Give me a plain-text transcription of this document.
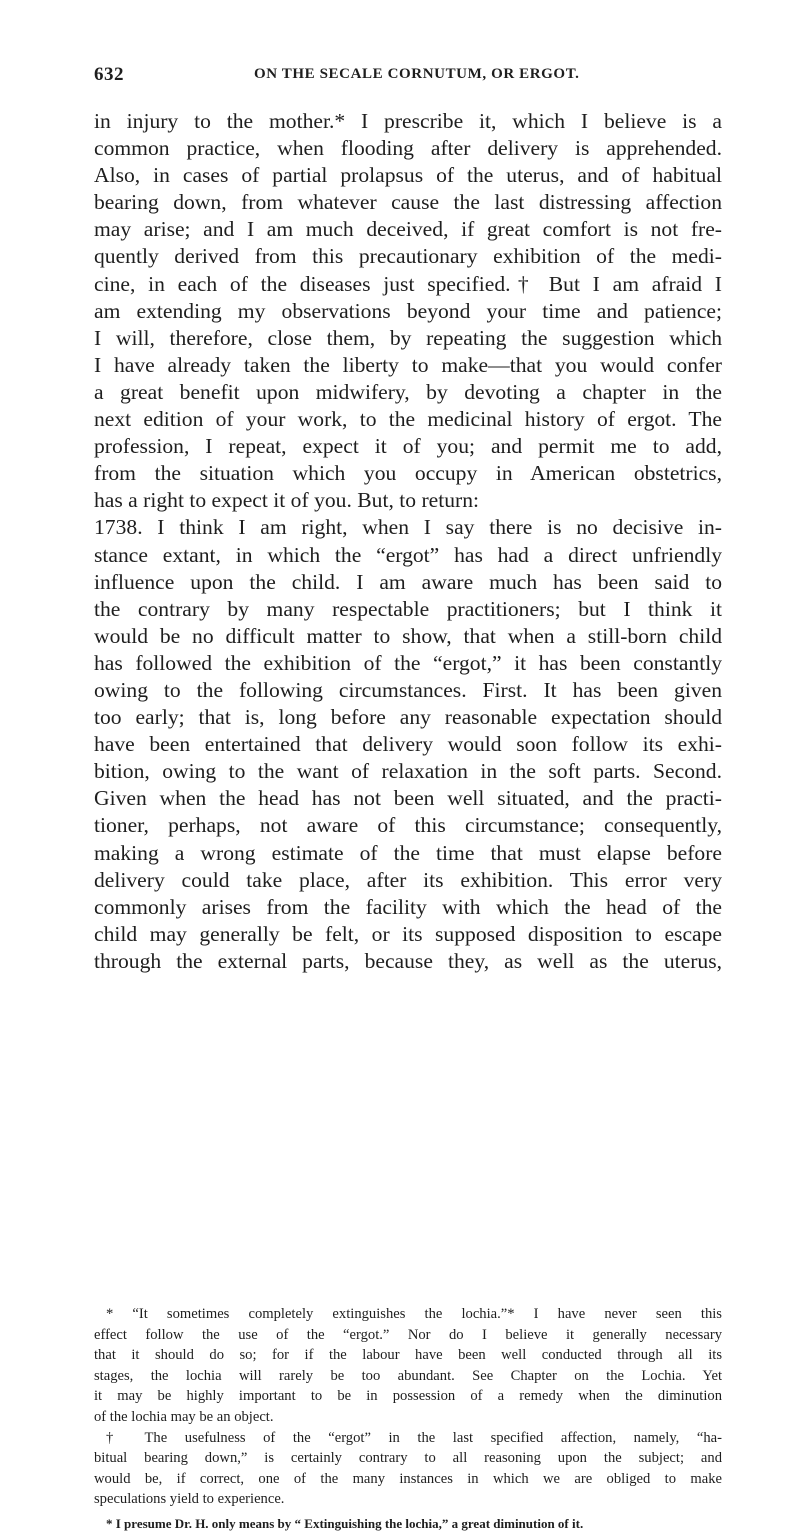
632	ON THE SECALE CORNUTUM, OR ERGOT.
in injury to the mother.* I prescribe it, which I believe is a
common practice, when flooding after delivery is apprehended.
Also, in cases of partial prolapsus of the uterus, and of habitual
bearing down, from whatever cause the last distressing affection
may arise; and I am much deceived, if great comfort is not fre-
quently derived from this precautionary exhibition of the medi-
cine, in each of the diseases just specified.† But I am afraid I
am extending my observations beyond your time and patience;
I will, therefore, close them, by repeating the suggestion which
I have already taken the liberty to make—that you would confer
a great benefit upon midwifery, by devoting a chapter in the
next edition of your work, to the medicinal history of ergot. The
profession, I repeat, expect it of you; and permit me to add,
from the situation which you occupy in American obstetrics,
has a right to expect it of you. But, to return:
1738. I think I am right, when I say there is no decisive in-
stance extant, in which the “ergot” has had a direct unfriendly
influence upon the child. I am aware much has been said to
the contrary by many respectable practitioners; but I think it
would be no difficult matter to show, that when a still-born child
has followed the exhibition of the “ergot,” it has been constantly
owing to the following circumstances. First. It has been given
too early; that is, long before any reasonable expectation should
have been entertained that delivery would soon follow its exhi-
bition, owing to the want of relaxation in the soft parts. Second.
Given when the head has not been well situated, and the practi-
tioner, perhaps, not aware of this circumstance; consequently,
making a wrong estimate of the time that must elapse before
delivery could take place, after its exhibition. This error very
commonly arises from the facility with which the head of the
child may generally be felt, or its supposed disposition to escape
through the external parts, because they, as well as the uterus,
* “It sometimes completely extinguishes the lochia.”* I have never seen this
effect follow the use of the “ergot.” Nor do I believe it generally necessary
that it should do so; for if the labour have been well conducted through all its
stages, the lochia will rarely be too abundant. See Chapter on the Lochia. Yet
it may be highly important to be in possession of a remedy when the diminution
of the lochia may be an object.
† The usefulness of the “ergot” in the last specified affection, namely, “ha-
bitual bearing down,” is certainly contrary to all reasoning upon the subject; and
would be, if correct, one of the many instances in which we are obliged to make
speculations yield to experience.
* I presume Dr. H. only means by “ Extinguishing the lochia,” a great diminution of it.
